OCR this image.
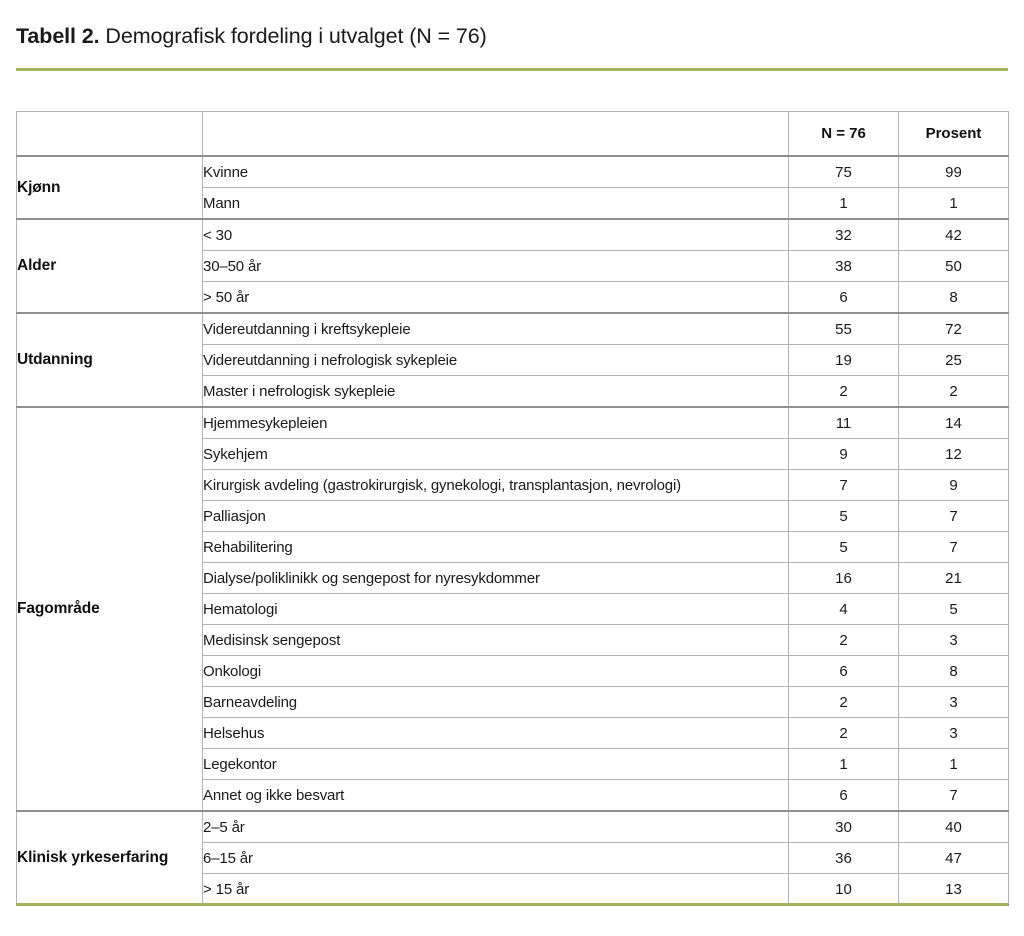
Tabell 2. Demografisk fordeling i utvalget (N = 76)
		N = 76	Prosent
Kjønn	Kvinne	75	99
	Mann	1	1
Alder	< 30	32	42
	30–50 år	38	50
	> 50 år	6	8
Utdanning	Videreutdanning i kreftsykepleie	55	72
	Videreutdanning i nefrologisk sykepleie	19	25
	Master i nefrologisk sykepleie	2	2
Fagområde	Hjemmesykepleien	11	14
	Sykehjem	9	12
	Kirurgisk avdeling (gastrokirurgisk, gynekologi, transplantasjon, nevrologi)	7	9
	Palliasjon	5	7
	Rehabilitering	5	7
	Dialyse/poliklinikk og sengepost for nyresykdommer	16	21
	Hematologi	4	5
	Medisinsk sengepost	2	3
	Onkologi	6	8
	Barneavdeling	2	3
	Helsehus	2	3
	Legekontor	1	1
	Annet og ikke besvart	6	7
Klinisk yrkeserfaring	2–5 år	30	40
	6–15 år	36	47
	> 15 år	10	13
